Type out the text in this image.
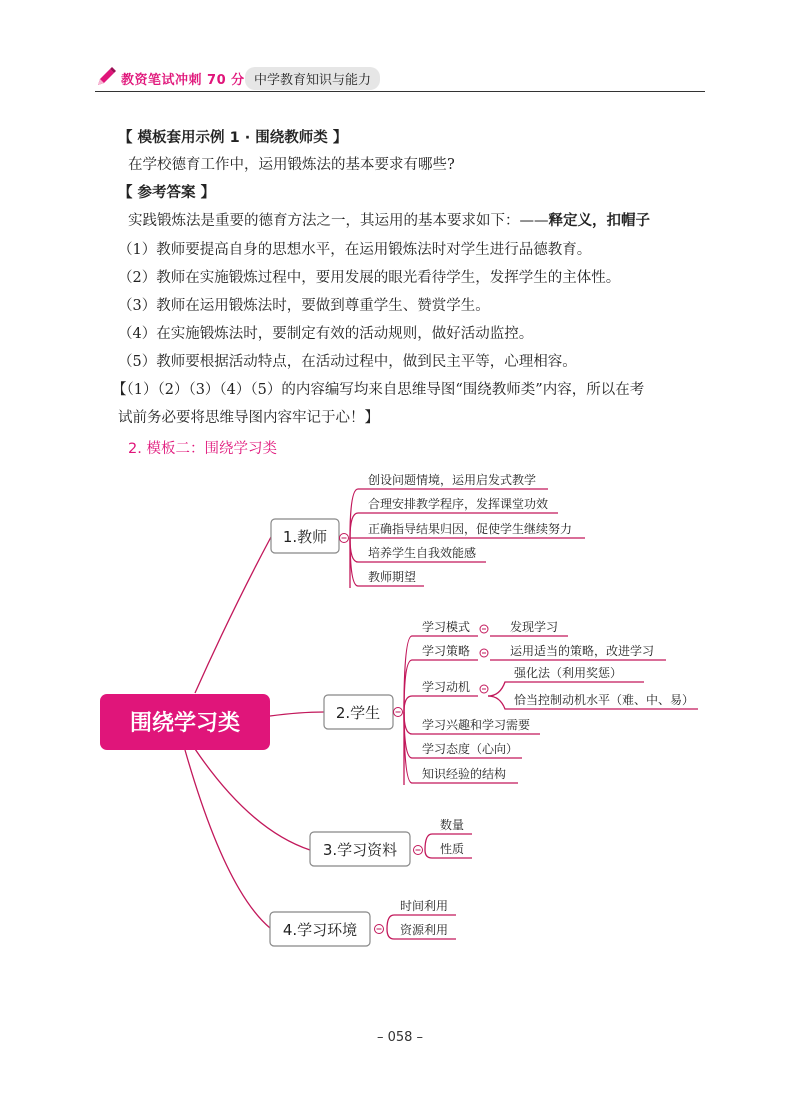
教资笔试冲刺 70 分 中学教育知识与能力
【 模板套用示例 1 · 围绕教师类 】
在学校德育工作中，运用锻炼法的基本要求有哪些?
【 参考答案 】
实践锻炼法是重要的德育方法之一，其运用的基本要求如下：——释定义，扣帽子
（1）教师要提高自身的思想水平，在运用锻炼法时对学生进行品德教育。
（2）教师在实施锻炼过程中，要用发展的眼光看待学生，发挥学生的主体性。
（3）教师在运用锻炼法时，要做到尊重学生、赞赏学生。
（4）在实施锻炼法时，要制定有效的活动规则，做好活动监控。
（5）教师要根据活动特点，在活动过程中，做到民主平等，心理相容。
【（1）（2）（3）（4）（5）的内容编写均来自思维导图“围绕教师类”内容，所以在考
试前务必要将思维导图内容牢记于心！】
2. 模板二：围绕学习类
围绕学习类
1.教师
2.学生
3.学习资料
4.学习环境
创设问题情境，运用启发式教学
合理安排教学程序，发挥课堂功效
正确指导结果归因，促使学生继续努力
培养学生自我效能感
教师期望
学习模式	发现学习
学习策略	运用适当的策略，改进学习
学习动机
强化法（利用奖惩）
恰当控制动机水平（难、中、易）
学习兴趣和学习需要
学习态度（心向）
知识经验的结构
数量
性质
时间利用
资源利用
– 058 –
